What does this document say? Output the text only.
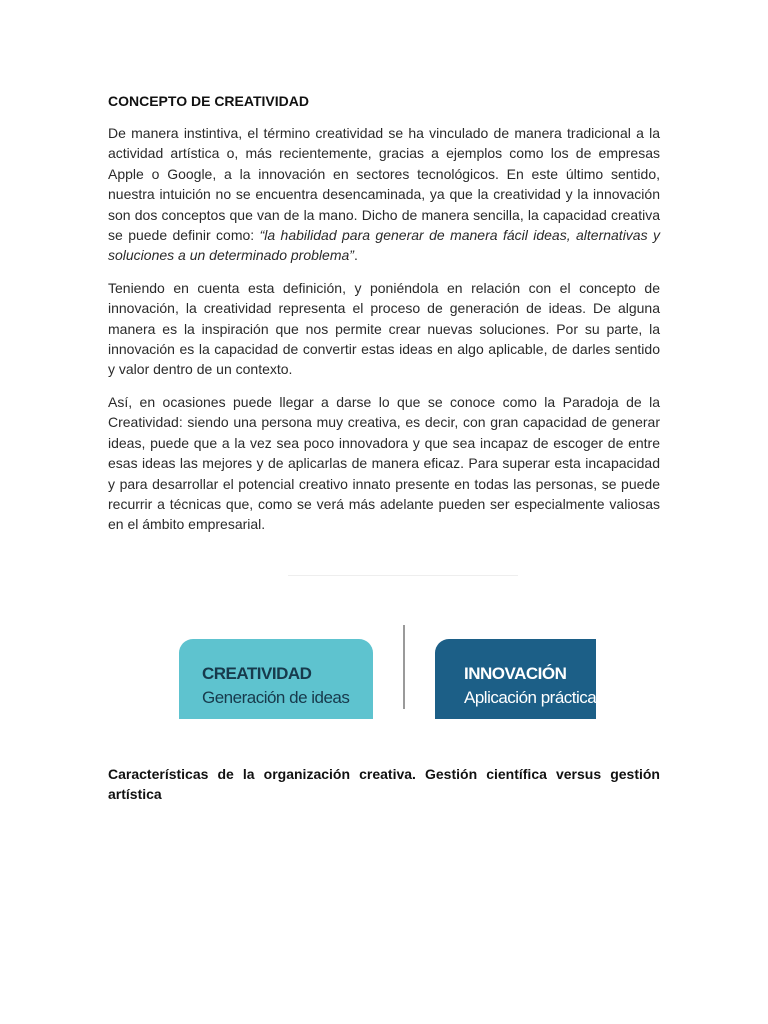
CONCEPTO DE CREATIVIDAD

De manera instintiva, el término creatividad se ha vinculado de manera tradicional a la actividad artística o, más recientemente, gracias a ejemplos como los de empresas Apple o Google, a la innovación en sectores tecnológicos. En este último sentido, nuestra intuición no se encuentra desencaminada, ya que la creatividad y la innovación son dos conceptos que van de la mano. Dicho de manera sencilla, la capacidad creativa se puede definir como: “la habilidad para generar de manera fácil ideas, alternativas y soluciones a un determinado problema”.

Teniendo en cuenta esta definición, y poniéndola en relación con el concepto de innovación, la creatividad representa el proceso de generación de ideas. De alguna manera es la inspiración que nos permite crear nuevas soluciones. Por su parte, la innovación es la capacidad de convertir estas ideas en algo aplicable, de darles sentido y valor dentro de un contexto.

Así, en ocasiones puede llegar a darse lo que se conoce como la Paradoja de la Creatividad: siendo una persona muy creativa, es decir, con gran capacidad de generar ideas, puede que a la vez sea poco innovadora y que sea incapaz de escoger de entre esas ideas las mejores y de aplicarlas de manera eficaz. Para superar esta incapacidad y para desarrollar el potencial creativo innato presente en todas las personas, se puede recurrir a técnicas que, como se verá más adelante pueden ser especialmente valiosas en el ámbito empresarial.

CREATIVIDAD
Generación de ideas
INNOVACIÓN
Aplicación práctica
Características de la organización creativa. Gestión científica versus gestión artística
